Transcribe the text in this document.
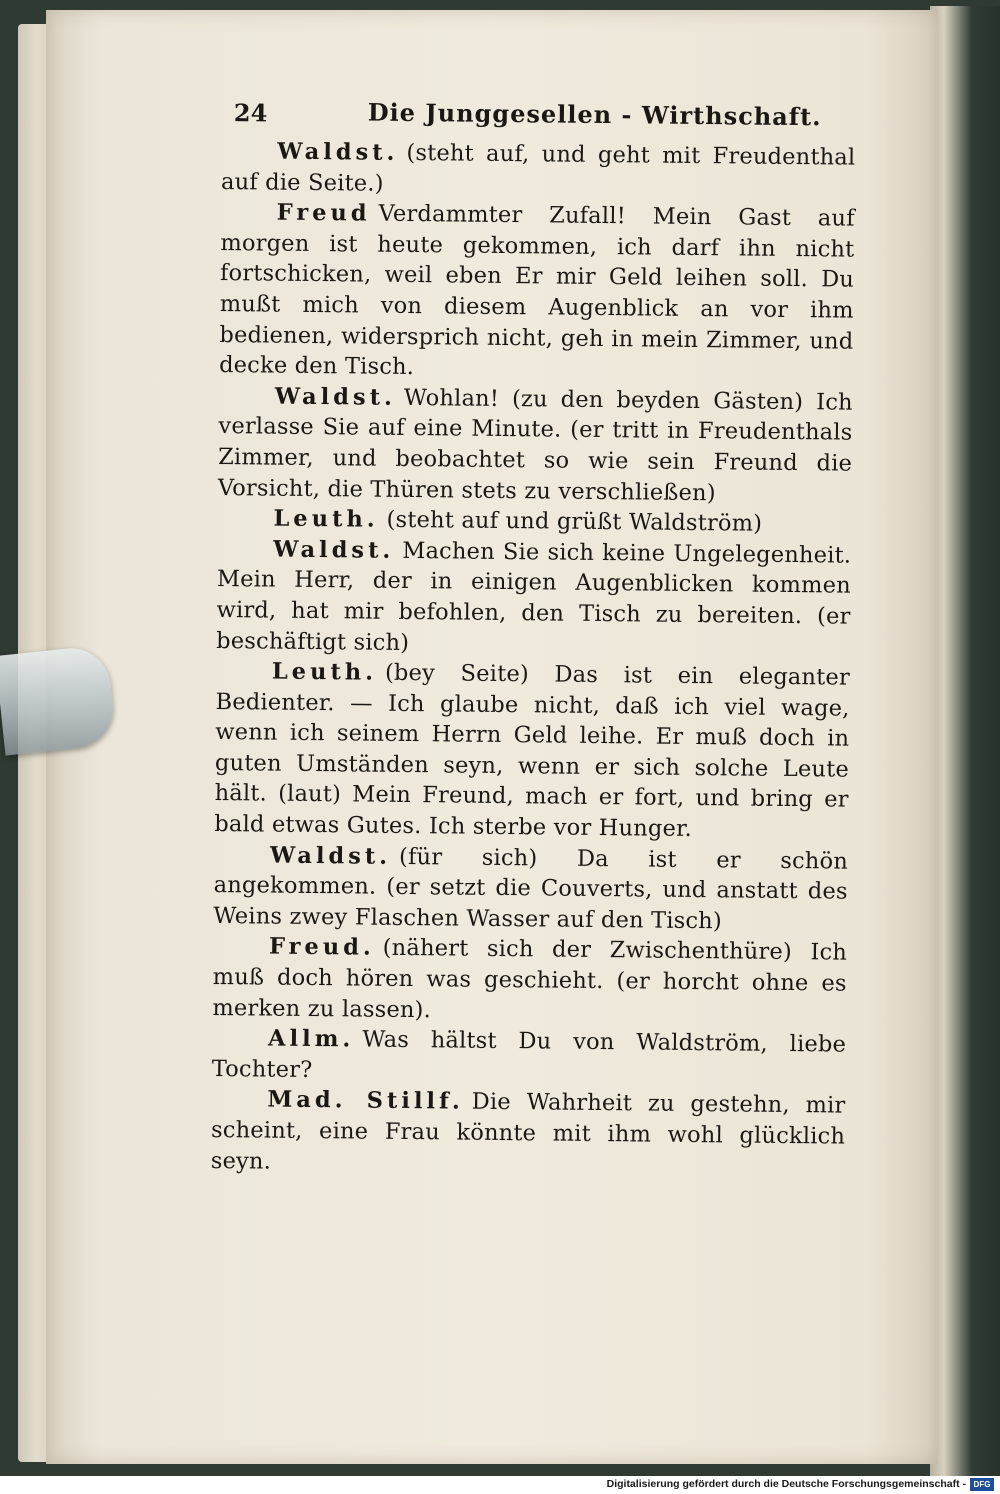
24	Die Junggesellen - Wirthschaft.

Waldst. (steht auf, und geht mit Freudenthal auf die Seite.)

Freud Verdammter Zufall! Mein Gast auf morgen ist heute gekommen, ich darf ihn nicht fortschicken, weil eben Er mir Geld leihen soll. Du mußt mich von diesem Augenblick an vor ihm bedienen, widersprich nicht, geh in mein Zimmer, und decke den Tisch.

Waldst. Wohlan! (zu den beyden Gästen) Ich verlasse Sie auf eine Minute. (er tritt in Freudenthals Zimmer, und beobachtet so wie sein Freund die Vorsicht, die Thüren stets zu verschließen)

Leuth. (steht auf und grüßt Waldström)

Waldst. Machen Sie sich keine Ungelegenheit. Mein Herr, der in einigen Augenblicken kommen wird, hat mir befohlen, den Tisch zu bereiten. (er beschäftigt sich)

Leuth. (bey Seite) Das ist ein eleganter Bedienter. — Ich glaube nicht, daß ich viel wage, wenn ich seinem Herrn Geld leihe. Er muß doch in guten Umständen seyn, wenn er sich solche Leute hält. (laut) Mein Freund, mach er fort, und bring er bald etwas Gutes. Ich sterbe vor Hunger.

Waldst. (für sich) Da ist er schön angekommen. (er setzt die Couverts, und anstatt des Weins zwey Flaschen Wasser auf den Tisch)

Freud. (nähert sich der Zwischenthüre) Ich muß doch hören was geschieht. (er horcht ohne es merken zu lassen).

Allm. Was hältst Du von Waldström, liebe Tochter?

Mad. Stillf. Die Wahrheit zu gestehn, mir scheint, eine Frau könnte mit ihm wohl glücklich seyn.

Digitalisierung gefördert durch die Deutsche Forschungsgemeinschaft - DFG
